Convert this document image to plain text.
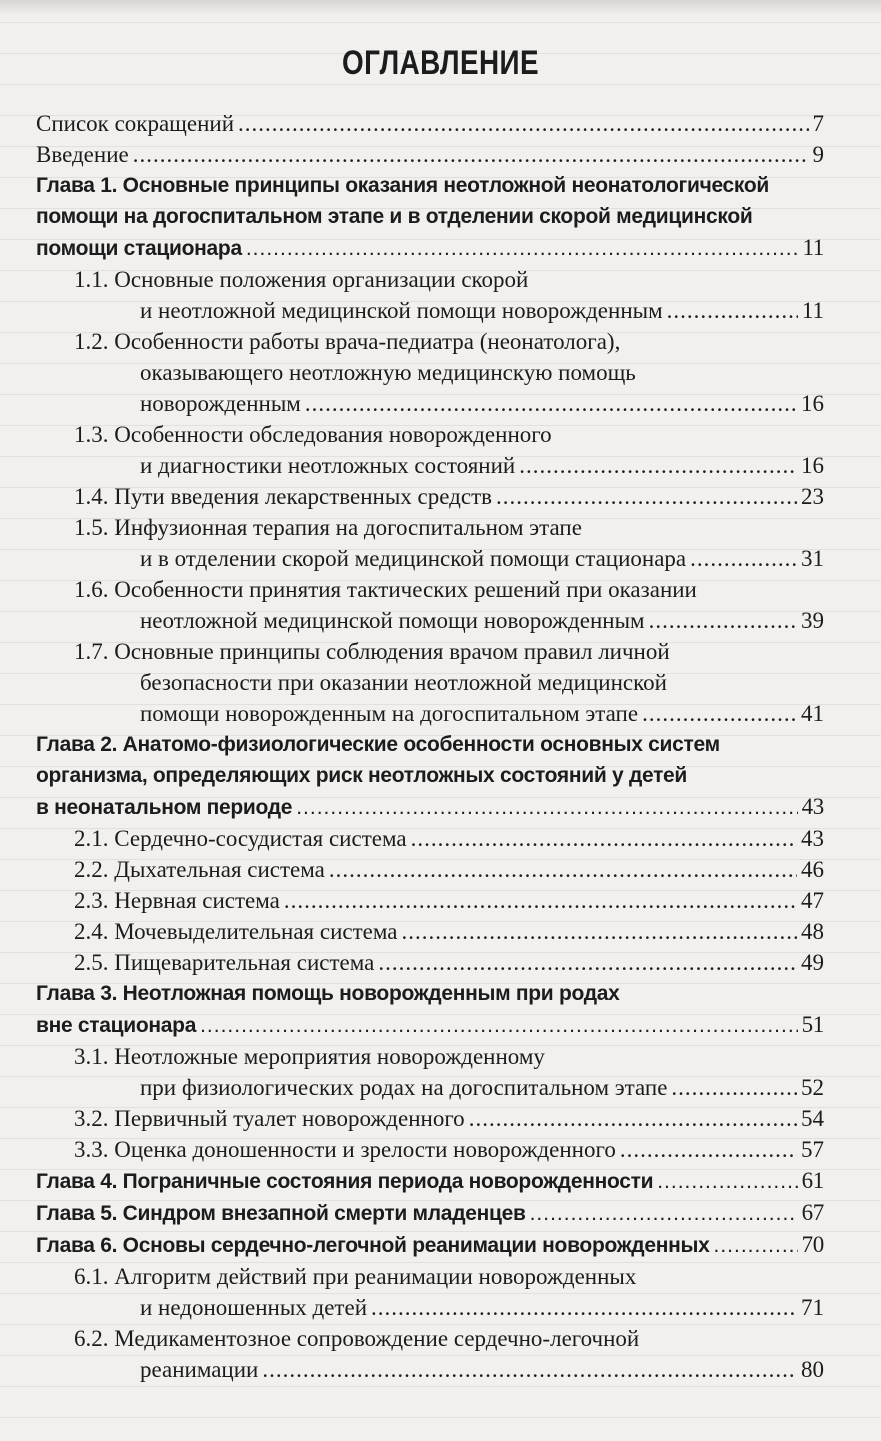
ОГЛАВЛЕНИЕ
Список сокращений .....	7
Введение .....	9
Глава 1. Основные принципы оказания неотложной неонатологической
помощи на догоспитальном этапе и в отделении скорой медицинской
помощи стационара .....	11
1.1. Основные положения организации скорой
и неотложной медицинской помощи новорожденным .....	11
1.2. Особенности работы врача-педиатра (неонатолога),
оказывающего неотложную медицинскую помощь
новорожденным .....	16
1.3. Особенности обследования новорожденного
и диагностики неотложных состояний .....	16
1.4. Пути введения лекарственных средств .....	23
1.5. Инфузионная терапия на догоспитальном этапе
и в отделении скорой медицинской помощи стационара .....	31
1.6. Особенности принятия тактических решений при оказании
неотложной медицинской помощи новорожденным .....	39
1.7. Основные принципы соблюдения врачом правил личной
безопасности при оказании неотложной медицинской
помощи новорожденным на догоспитальном этапе .....	41
Глава 2. Анатомо-физиологические особенности основных систем
организма, определяющих риск неотложных состояний у детей
в неонатальном периоде .....	43
2.1. Сердечно-сосудистая система .....	43
2.2. Дыхательная система .....	46
2.3. Нервная система .....	47
2.4. Мочевыделительная система .....	48
2.5. Пищеварительная система .....	49
Глава 3. Неотложная помощь новорожденным при родах
вне стационара .....	51
3.1. Неотложные мероприятия новорожденному
при физиологических родах на догоспитальном этапе .....	52
3.2. Первичный туалет новорожденного .....	54
3.3. Оценка доношенности и зрелости новорожденного .....	57
Глава 4. Пограничные состояния периода новорожденности .....	61
Глава 5. Синдром внезапной смерти младенцев .....	67
Глава 6. Основы сердечно-легочной реанимации новорожденных .....	70
6.1. Алгоритм действий при реанимации новорожденных
и недоношенных детей .....	71
6.2. Медикаментозное сопровождение сердечно-легочной
реанимации .....	80
